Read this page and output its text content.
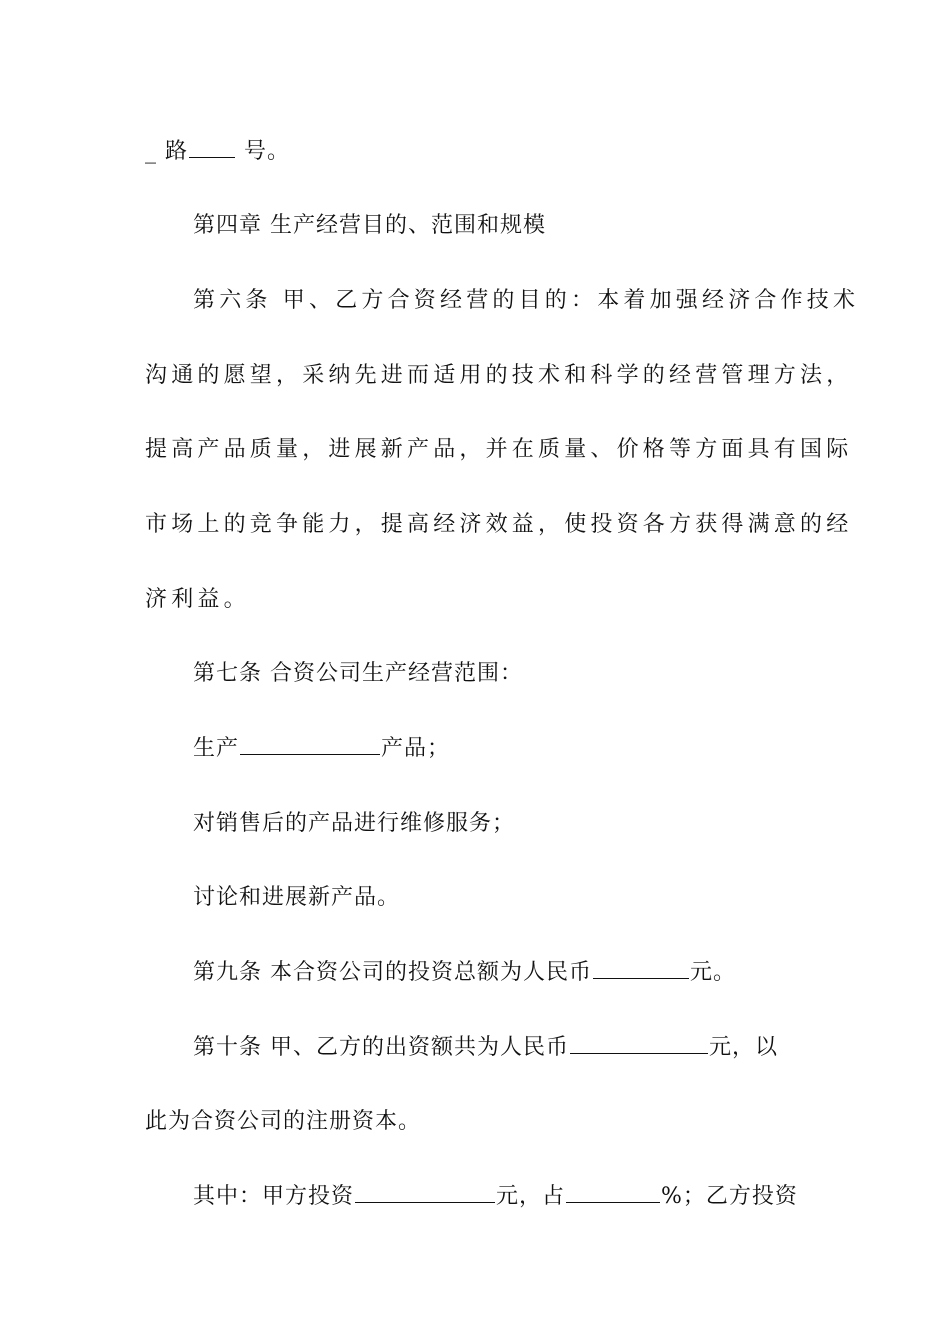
_ 路	号。
第四章 生产经营目的、范围和规模
第六条 甲、乙方合资经营的目的：本着加强经济合作技术
沟通的愿望，采纳先进而适用的技术和科学的经营管理方法，
提高产品质量，进展新产品，并在质量、价格等方面具有国际
市场上的竞争能力，提高经济效益，使投资各方获得满意的经
济利益。
第七条 合资公司生产经营范围：
生产	产品；
对销售后的产品进行维修服务；
讨论和进展新产品。
第九条 本合资公司的投资总额为人民币	元。
第十条 甲、乙方的出资额共为人民币	元，以
此为合资公司的注册资本。
其中：甲方投资	元，占	%；乙方投资
